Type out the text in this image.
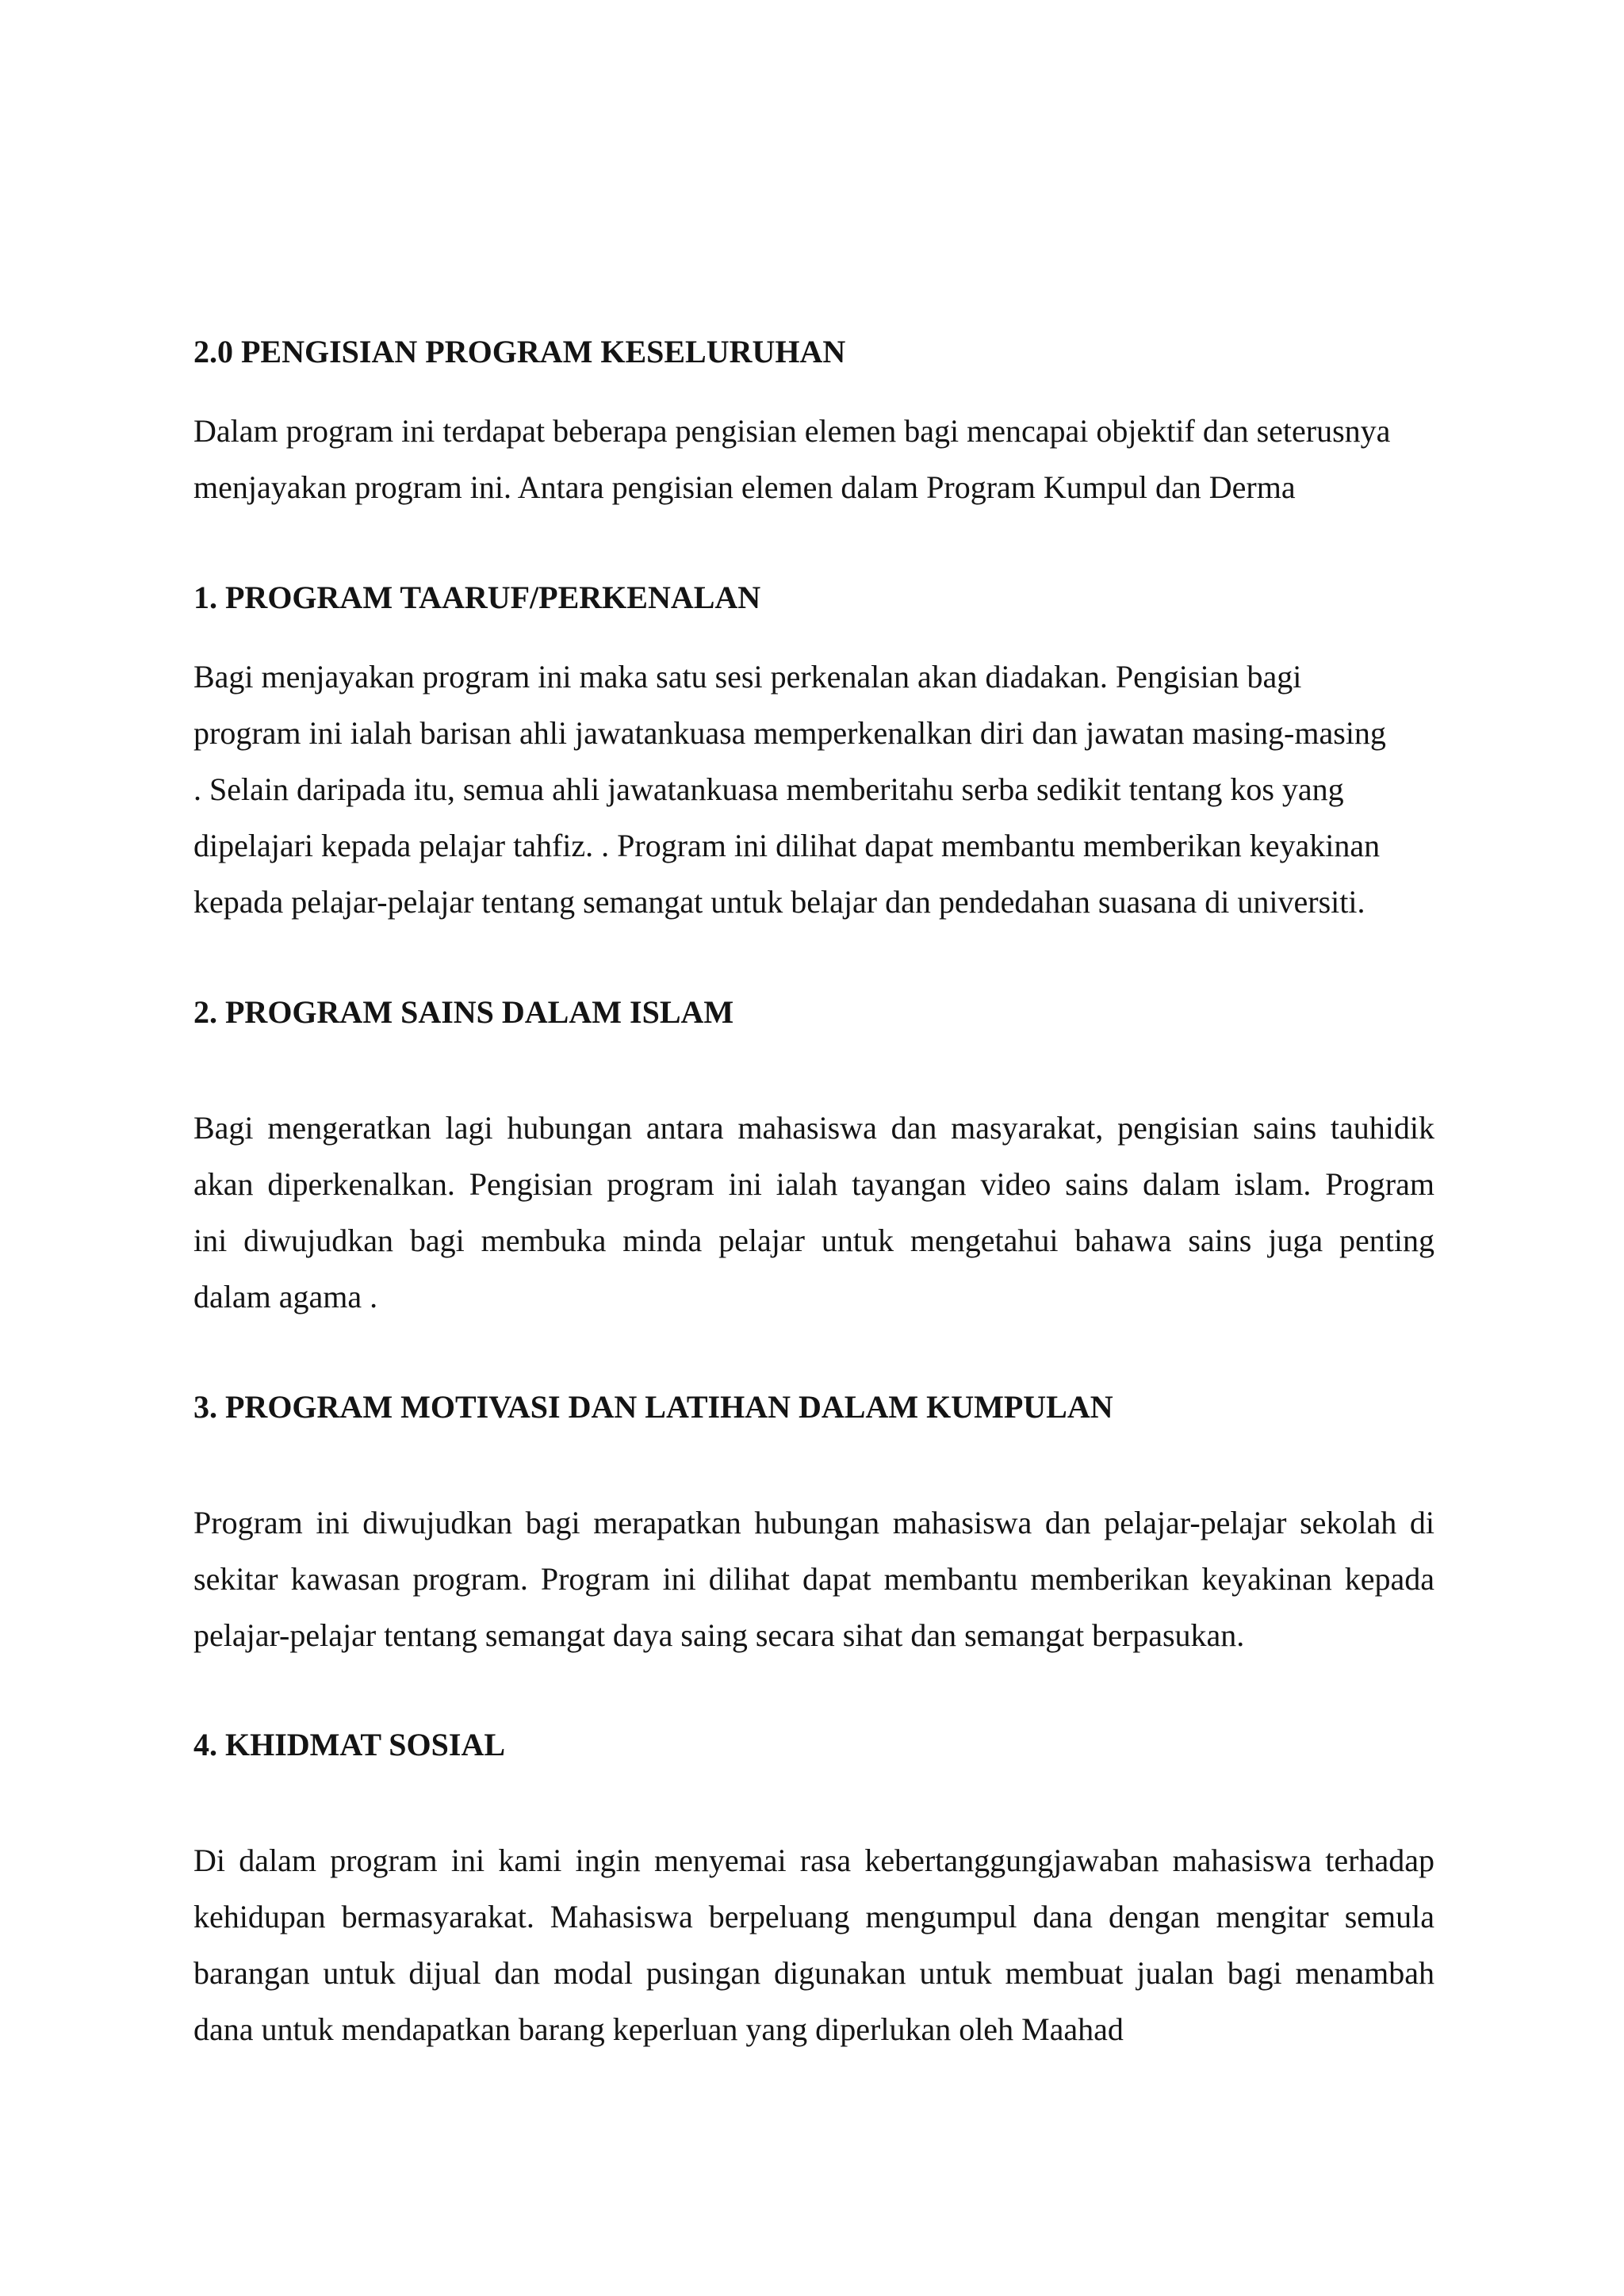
2.0 PENGISIAN PROGRAM KESELURUHAN
Dalam program ini terdapat beberapa pengisian elemen bagi mencapai objektif dan seterusnya
menjayakan program ini. Antara pengisian elemen dalam Program Kumpul dan Derma
1. PROGRAM TAARUF/PERKENALAN
Bagi menjayakan program ini maka satu sesi perkenalan akan diadakan. Pengisian bagi
program ini ialah barisan ahli jawatankuasa memperkenalkan diri dan jawatan masing-masing
. Selain daripada itu, semua ahli jawatankuasa memberitahu serba sedikit tentang kos yang
dipelajari kepada pelajar tahfiz. . Program ini dilihat dapat membantu memberikan keyakinan
kepada pelajar-pelajar tentang semangat untuk belajar dan pendedahan suasana di universiti.
2. PROGRAM SAINS DALAM ISLAM
Bagi mengeratkan lagi hubungan antara mahasiswa dan masyarakat, pengisian sains tauhidik
akan diperkenalkan. Pengisian program ini ialah tayangan video sains dalam islam. Program
ini diwujudkan bagi membuka minda pelajar untuk mengetahui bahawa sains juga penting
dalam agama .
3. PROGRAM MOTIVASI DAN LATIHAN DALAM KUMPULAN
Program ini diwujudkan bagi merapatkan hubungan mahasiswa dan pelajar-pelajar sekolah di
sekitar kawasan program. Program ini dilihat dapat membantu memberikan keyakinan kepada
pelajar-pelajar tentang semangat daya saing secara sihat dan semangat berpasukan.
4. KHIDMAT SOSIAL
Di dalam program ini kami ingin menyemai rasa kebertanggungjawaban mahasiswa terhadap
kehidupan bermasyarakat. Mahasiswa berpeluang mengumpul dana dengan mengitar semula
barangan untuk dijual dan modal pusingan digunakan untuk membuat jualan bagi menambah
dana untuk mendapatkan barang keperluan yang diperlukan oleh Maahad
